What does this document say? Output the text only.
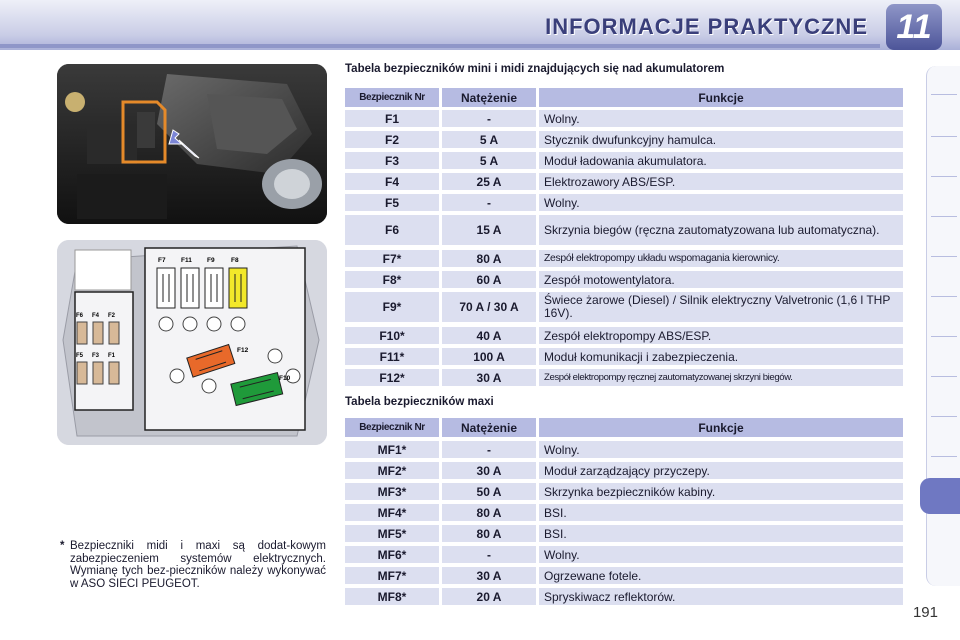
INFORMACJE PRAKTYCZNE 11
F7 F11 F9	F8
F12
F10
F6 F4 F2
F5 F3 F1
Tabela bezpieczników mini i midi znajdujących się nad akumulatorem
Bezpiecznik Nr	Natężenie	Funkcje
F1	-	Wolny.
F2	5 A	Stycznik dwufunkcyjny hamulca.
F3	5 A	Moduł ładowania akumulatora.
F4	25 A	Elektrozawory ABS/ESP.
F5	-	Wolny.
F6	15 A	Skrzynia biegów (ręczna zautomatyzowana lub automatyczna).
F7*	80 A	Zespół elektropompy układu wspomagania kierownicy.
F8*	60 A	Zespół motowentylatora.
F9*	70 A / 30 A	Świece żarowe (Diesel) / Silnik elektryczny Valvetronic (1,6 l THP 16V).
F10*	40 A	Zespół elektropompy ABS/ESP.
F11*	100 A	Moduł komunikacji i zabezpieczenia.
F12*	30 A	Zespół elektropompy ręcznej zautomatyzowanej skrzyni biegów.
Tabela bezpieczników maxi
Bezpiecznik Nr	Natężenie	Funkcje
MF1*	-	Wolny.
MF2*	30 A	Moduł zarządzający przyczepy.
MF3*	50 A	Skrzynka bezpieczników kabiny.
MF4*	80 A	BSI.
MF5*	80 A	BSI.
MF6*	-	Wolny.
MF7*	30 A	Ogrzewane fotele.
MF8*	20 A	Spryskiwacz reflektorów.
* Bezpieczniki midi i maxi są dodat-kowym zabezpieczeniem systemów elektrycznych. Wymianę tych bez-pieczników należy wykonywać w ASO SIECI PEUGEOT.
191
